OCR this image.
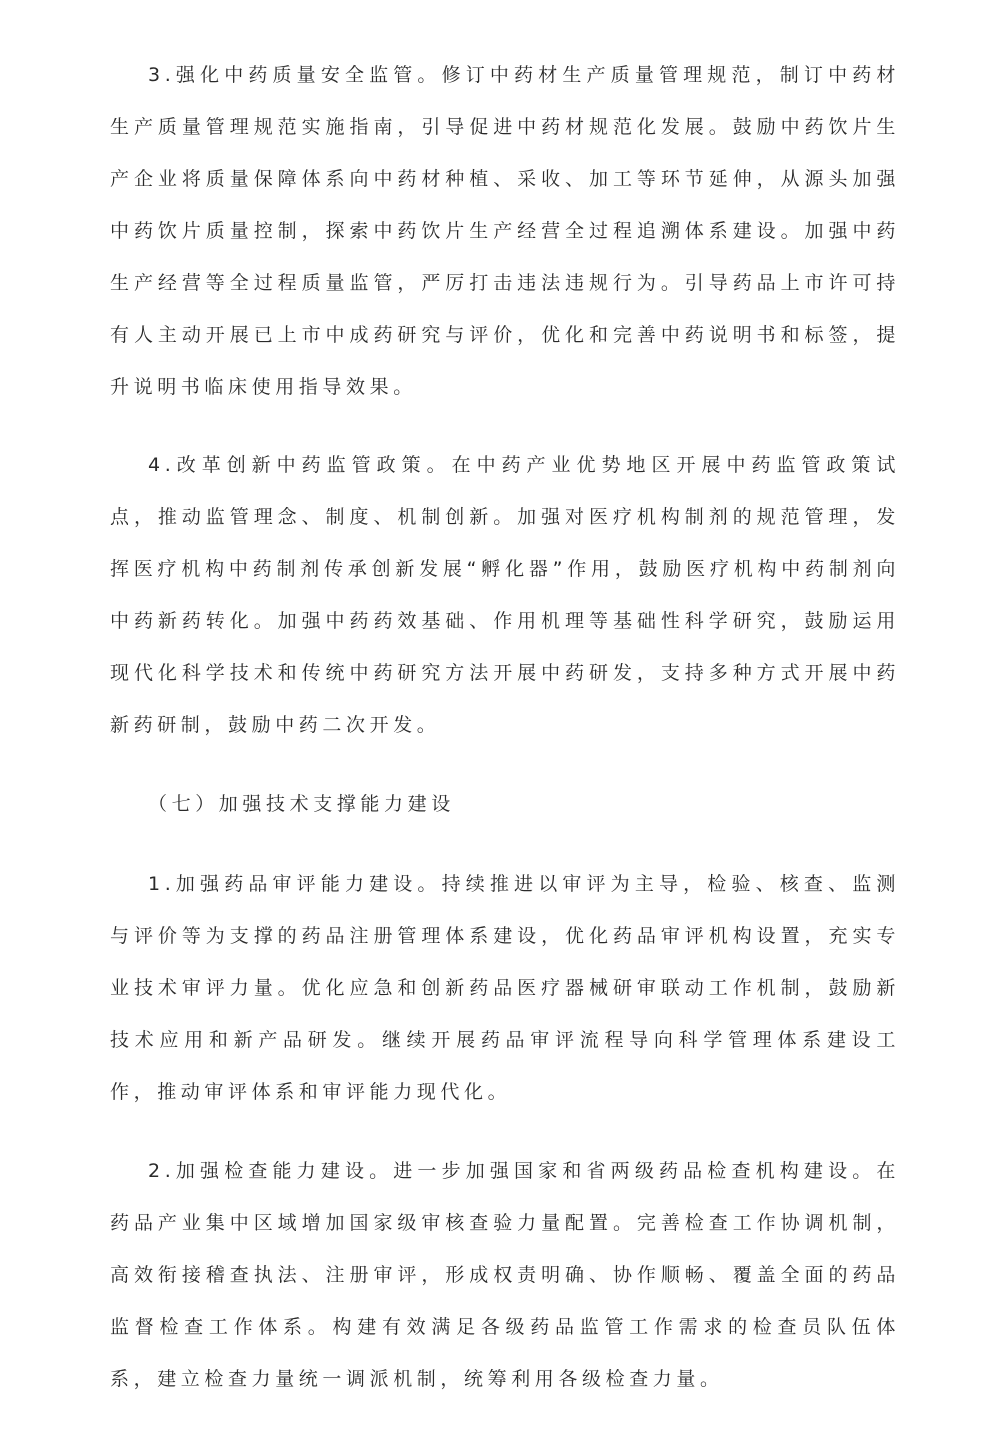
3.强化中药质量安全监管。修订中药材生产质量管理规范，制订中药材生产质量管理规范实施指南，引导促进中药材规范化发展。鼓励中药饮片生产企业将质量保障体系向中药材种植、采收、加工等环节延伸，从源头加强中药饮片质量控制，探索中药饮片生产经营全过程追溯体系建设。加强中药生产经营等全过程质量监管，严厉打击违法违规行为。引导药品上市许可持有人主动开展已上市中成药研究与评价，优化和完善中药说明书和标签，提升说明书临床使用指导效果。

4.改革创新中药监管政策。在中药产业优势地区开展中药监管政策试点，推动监管理念、制度、机制创新。加强对医疗机构制剂的规范管理，发挥医疗机构中药制剂传承创新发展“孵化器”作用，鼓励医疗机构中药制剂向中药新药转化。加强中药药效基础、作用机理等基础性科学研究，鼓励运用现代化科学技术和传统中药研究方法开展中药研发，支持多种方式开展中药新药研制，鼓励中药二次开发。

（七）加强技术支撑能力建设

1.加强药品审评能力建设。持续推进以审评为主导，检验、核查、监测与评价等为支撑的药品注册管理体系建设，优化药品审评机构设置，充实专业技术审评力量。优化应急和创新药品医疗器械研审联动工作机制，鼓励新技术应用和新产品研发。继续开展药品审评流程导向科学管理体系建设工作，推动审评体系和审评能力现代化。

2.加强检查能力建设。进一步加强国家和省两级药品检查机构建设。在药品产业集中区域增加国家级审核查验力量配置。完善检查工作协调机制，高效衔接稽查执法、注册审评，形成权责明确、协作顺畅、覆盖全面的药品监督检查工作体系。构建有效满足各级药品监管工作需求的检查员队伍体系，建立检查力量统一调派机制，统筹利用各级检查力量。
